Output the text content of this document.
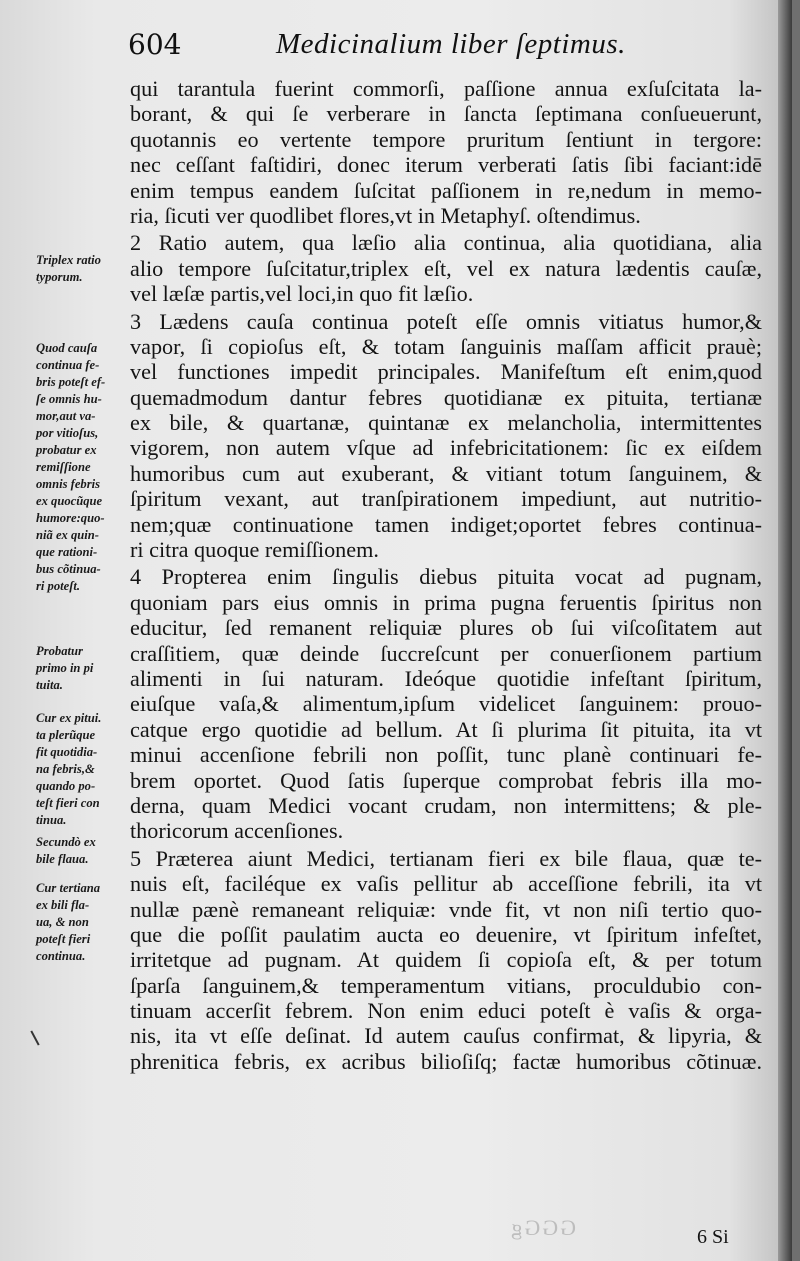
604	Medicinalium liber ſeptimus.
qui tarantula fuerint commorſi, paſſione annua exſuſcitata la-
borant, & qui ſe verberare in ſancta ſeptimana conſueuerunt,
quotannis eo vertente tempore pruritum ſentiunt in tergore:
nec ceſſant faſtidiri, donec iterum verberati ſatis ſibi faciant:idē
enim tempus eandem ſuſcitat paſſionem in re,nedum in memo-
ria, ſicuti ver quodlibet flores,vt in Metaphyſ. oſtendimus.
2 Ratio autem, qua læſio alia continua, alia quotidiana, alia
alio tempore ſuſcitatur,triplex eſt, vel ex natura lædentis cauſæ,
vel læſæ partis,vel loci,in quo fit læſio.
3 Lædens cauſa continua poteſt eſſe omnis vitiatus humor,&
vapor, ſi copioſus eſt, & totam ſanguinis maſſam afficit prauè;
vel functiones impedit principales. Manifeſtum eſt enim,quod
quemadmodum dantur febres quotidianæ ex pituita, tertianæ
ex bile, & quartanæ, quintanæ ex melancholia, intermittentes
vigorem, non autem vſque ad infebricitationem: ſic ex eiſdem
humoribus cum aut exuberant, & vitiant totum ſanguinem, &
ſpiritum vexant, aut tranſpirationem impediunt, aut nutritio-
nem;quæ continuatione tamen indiget;oportet febres continua-
ri citra quoque remiſſionem.
4 Propterea enim ſingulis diebus pituita vocat ad pugnam,
quoniam pars eius omnis in prima pugna feruentis ſpiritus non
educitur, ſed remanent reliquiæ plures ob ſui viſcoſitatem aut
craſſitiem, quæ deinde ſuccreſcunt per conuerſionem partium
alimenti in ſui naturam. Ideóque quotidie infeſtant ſpiritum,
eiuſque vaſa,& alimentum,ipſum videlicet ſanguinem: prouo-
catque ergo quotidie ad bellum. At ſi plurima ſit pituita, ita vt
minui accenſione febrili non poſſit, tunc planè continuari fe-
brem oportet. Quod ſatis ſuperque comprobat febris illa mo-
derna, quam Medici vocant crudam, non intermittens; & ple-
thoricorum accenſiones.
5 Præterea aiunt Medici, tertianam fieri ex bile flaua, quæ te-
nuis eſt, faciléque ex vaſis pellitur ab acceſſione febrili, ita vt
nullæ pænè remaneant reliquiæ: vnde fit, vt non niſi tertio quo-
que die poſſit paulatim aucta eo deuenire, vt ſpiritum infeſtet,
irritetque ad pugnam. At quidem ſi copioſa eſt, & per totum
ſparſa ſanguinem,& temperamentum vitians, proculdubio con-
tinuam accerſit febrem. Non enim educi poteſt è vaſis & orga-
nis, ita vt eſſe deſinat. Id autem cauſus confirmat, & lipyria, &
phrenitica febris, ex acribus bilioſiſq; factæ humoribus cõtinuæ.
Triplex ratio
typorum.
Quod cauſa
continua fe-
bris poteſt ef-
ſe omnis hu-
mor,aut va-
por vitioſus,
probatur ex
remiſſione
omnis febris
ex quocũque
humore:quo-
niã ex quin-
que rationi-
bus cõtinua-
ri poteſt.
Probatur
primo in pi
tuita.
Cur ex pitui.
ta plerũque
fit quotidia-
na febris,&
quando po-
teſt fieri con
tinua.
Secundò ex
bile flaua.
Cur tertiana
ex bili fla-
ua, & non
poteſt fieri
continua.
GGGg	6 Si
